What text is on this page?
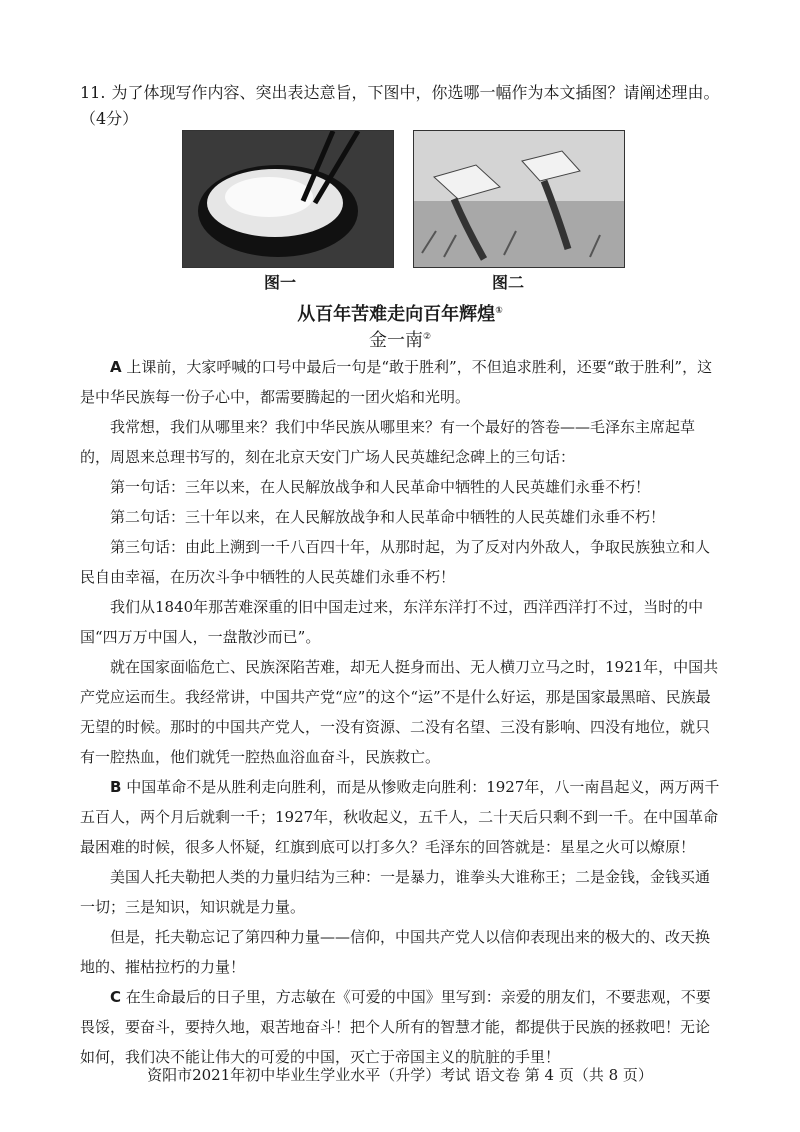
11. 为了体现写作内容、突出表达意旨，下图中，你选哪一幅作为本文插图？请阐述理由。（4分）
图一	图二
从百年苦难走向百年辉煌①
金一南②

A 上课前，大家呼喊的口号中最后一句是“敢于胜利”，不但追求胜利，还要“敢于胜利”，这是中华民族每一份子心中，都需要腾起的一团火焰和光明。

我常想，我们从哪里来？我们中华民族从哪里来？有一个最好的答卷——毛泽东主席起草的，周恩来总理书写的，刻在北京天安门广场人民英雄纪念碑上的三句话：

第一句话：三年以来，在人民解放战争和人民革命中牺牲的人民英雄们永垂不朽！

第二句话：三十年以来，在人民解放战争和人民革命中牺牲的人民英雄们永垂不朽！

第三句话：由此上溯到一千八百四十年，从那时起，为了反对内外敌人，争取民族独立和人民自由幸福，在历次斗争中牺牲的人民英雄们永垂不朽！

我们从1840年那苦难深重的旧中国走过来，东洋东洋打不过，西洋西洋打不过，当时的中国“四万万中国人，一盘散沙而已”。

就在国家面临危亡、民族深陷苦难，却无人挺身而出、无人横刀立马之时，1921年，中国共产党应运而生。我经常讲，中国共产党“应”的这个“运”不是什么好运，那是国家最黑暗、民族最无望的时候。那时的中国共产党人，一没有资源、二没有名望、三没有影响、四没有地位，就只有一腔热血，他们就凭一腔热血浴血奋斗，民族救亡。

B 中国革命不是从胜利走向胜利，而是从惨败走向胜利：1927年，八一南昌起义，两万两千五百人，两个月后就剩一千；1927年，秋收起义，五千人，二十天后只剩不到一千。在中国革命最困难的时候，很多人怀疑，红旗到底可以打多久？毛泽东的回答就是：星星之火可以燎原！

美国人托夫勒把人类的力量归结为三种：一是暴力，谁拳头大谁称王；二是金钱，金钱买通一切；三是知识，知识就是力量。

但是，托夫勒忘记了第四种力量——信仰，中国共产党人以信仰表现出来的极大的、改天换地的、摧枯拉朽的力量！

C 在生命最后的日子里，方志敏在《可爱的中国》里写到：亲爱的朋友们，不要悲观，不要畏馁，要奋斗，要持久地，艰苦地奋斗！把个人所有的智慧才能，都提供于民族的拯救吧！无论如何，我们决不能让伟大的可爱的中国，灭亡于帝国主义的肮脏的手里！

资阳市2021年初中毕业生学业水平（升学）考试 语文卷 第 4 页（共 8 页）
